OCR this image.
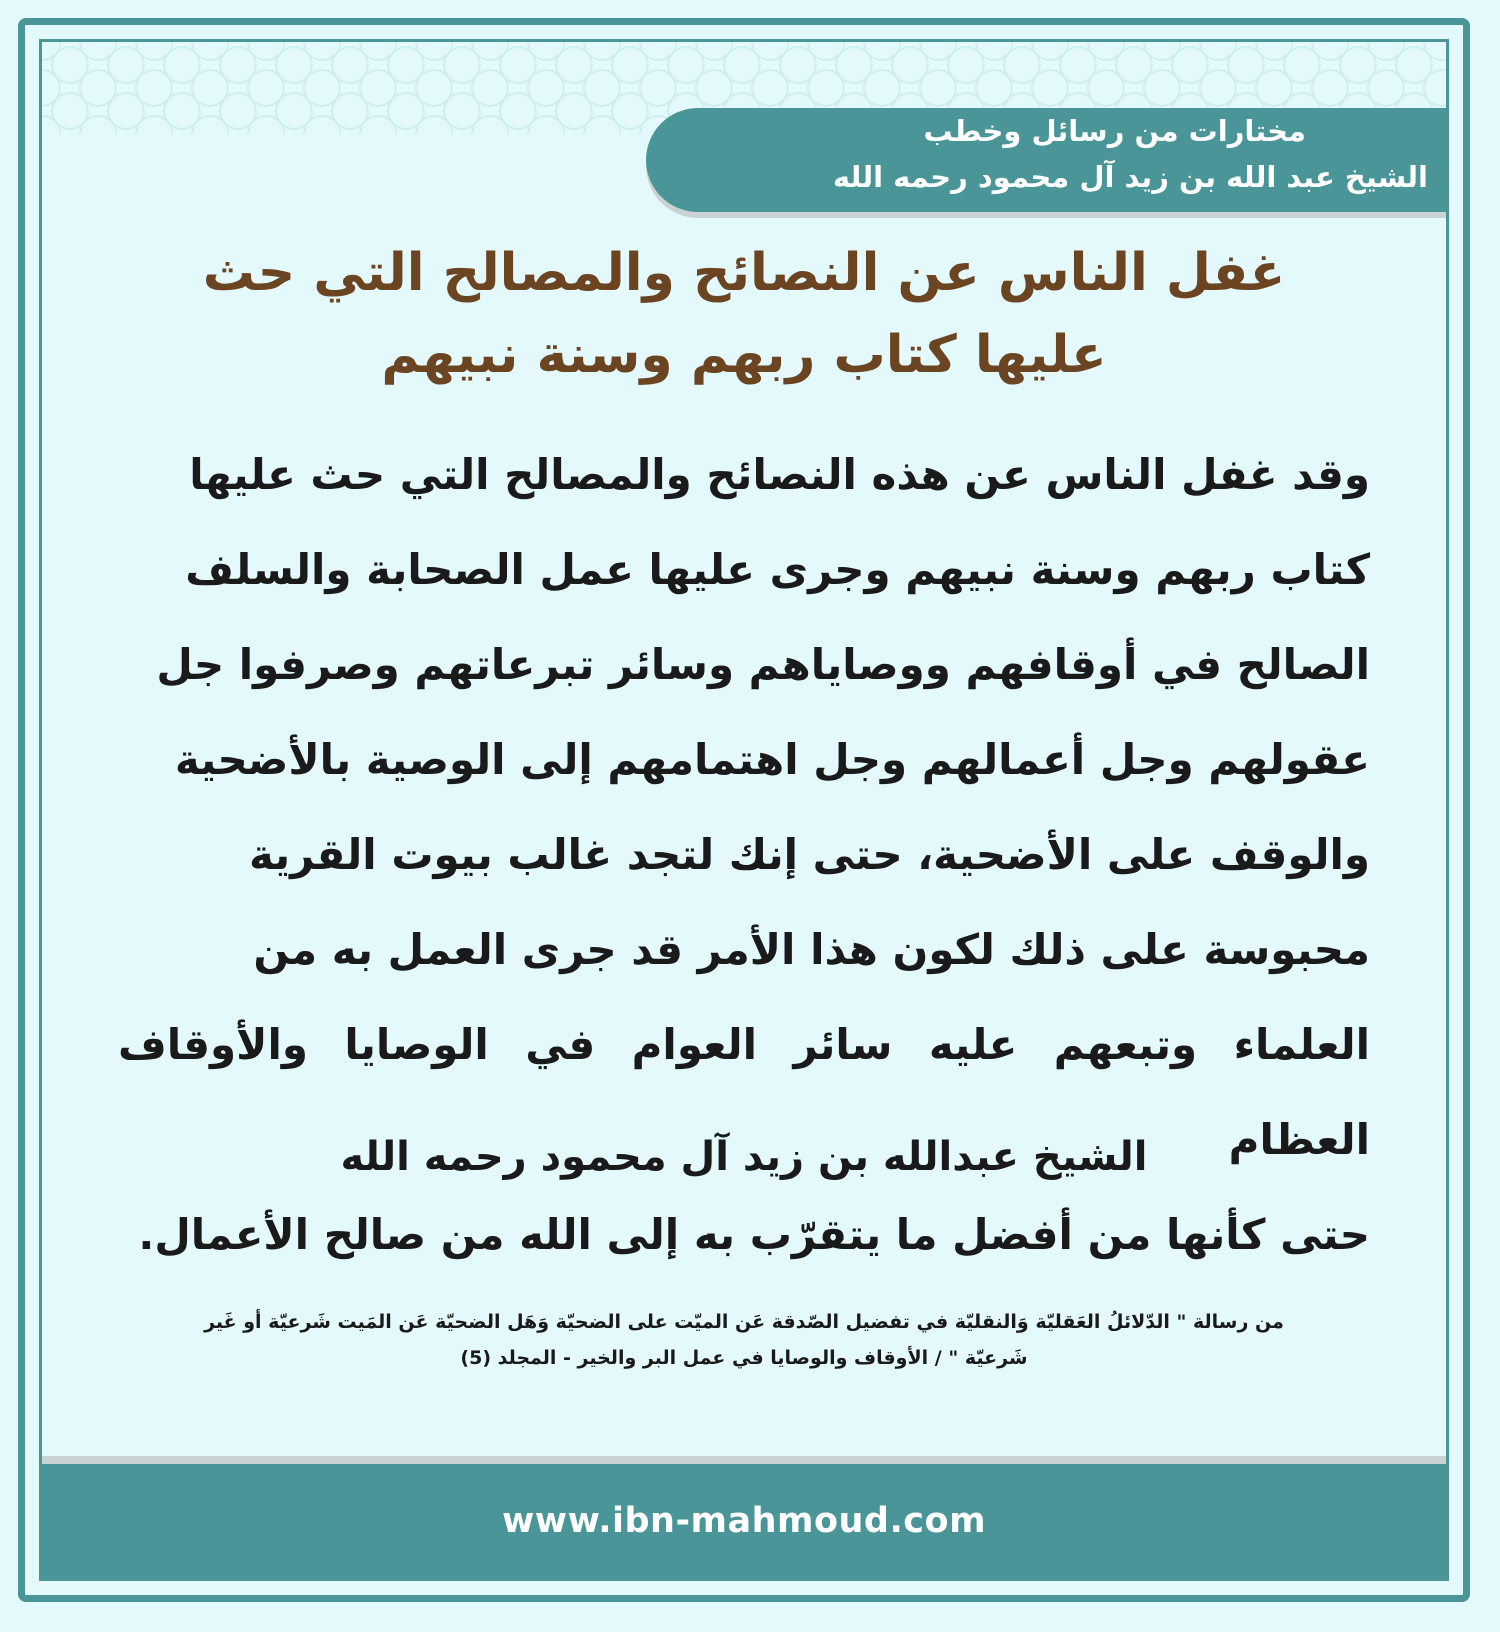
مختارات من رسائل وخطب
الشيخ عبد الله بن زيد آل محمود رحمه الله
غفل الناس عن النصائح والمصالح التي حث
عليها كتاب ربهم وسنة نبيهم
وقد غفل الناس عن هذه النصائح والمصالح التي حث عليها
كتاب ربهم وسنة نبيهم وجرى عليها عمل الصحابة والسلف
الصالح في أوقافهم ووصاياهم وسائر تبرعاتهم وصرفوا جل
عقولهم وجل أعمالهم وجل اهتمامهم إلى الوصية بالأضحية
والوقف على الأضحية، حتى إنك لتجد غالب بيوت القرية
محبوسة على ذلك لكون هذا الأمر قد جرى العمل به من
العلماء وتبعهم عليه سائر العوام في الوصايا والأوقاف العظام
حتى كأنها من أفضل ما يتقرّب به إلى الله من صالح الأعمال.
الشيخ عبدالله بن زيد آل محمود رحمه الله
من رسالة " الدّلائلُ العَقليّة وَالنقليّة في تفضيل الصّدقة عَن الميّت على الضحيّة وَهَل الضحيّة عَن المَيت شَرعيّة أو غَير
شَرعيّة " / الأوقاف والوصايا في عمل البر والخير - المجلد (5)
www.ibn-mahmoud.com
